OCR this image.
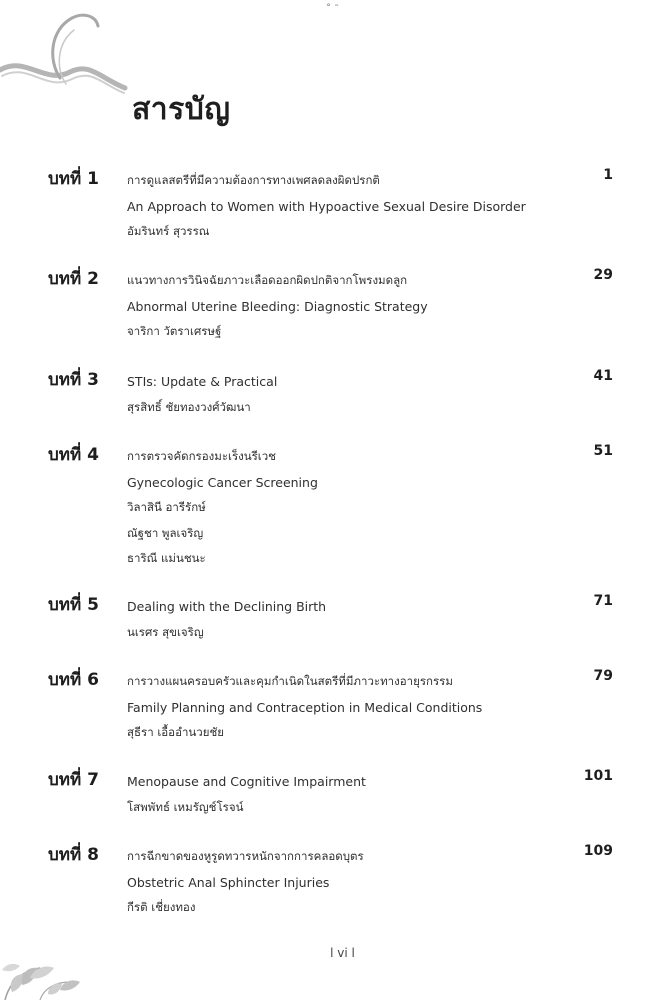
˚ ˜
สารบัญ
บทที่ 1 การดูแลสตรีที่มีความต้องการทางเพศลดลงผิดปรกติ
An Approach to Women with Hypoactive Sexual Desire Disorder
อัมรินทร์ สุวรรณ
1
บทที่ 2 แนวทางการวินิจฉัยภาวะเลือดออกผิดปกติจากโพรงมดลูก
Abnormal Uterine Bleeding: Diagnostic Strategy
จาริกา วัตราเศรษฐ์
29
บทที่ 3 STIs: Update & Practical
สุรสิทธิ์ ชัยทองวงศ์วัฒนา
41
บทที่ 4 การตรวจคัดกรองมะเร็งนรีเวช
Gynecologic Cancer Screening
วิลาสินี อารีรักษ์
ณัฐชา พูลเจริญ
ธาริณี แม่นชนะ
51
บทที่ 5 Dealing with the Declining Birth
นเรศร สุขเจริญ
71
บทที่ 6 การวางแผนครอบครัวและคุมกำเนิดในสตรีที่มีภาวะทางอายุรกรรม
Family Planning and Contraception in Medical Conditions
สุธีรา เอื้ออำนวยชัย
79
บทที่ 7 Menopause and Cognitive Impairment
โสพพัทธ์ เหมรัญช์โรจน์
101
บทที่ 8 การฉีกขาดของหูรูดทวารหนักจากการคลอดบุตร
Obstetric Anal Sphincter Injuries
กีรติ เชี่ยงทอง
109
l vi l
